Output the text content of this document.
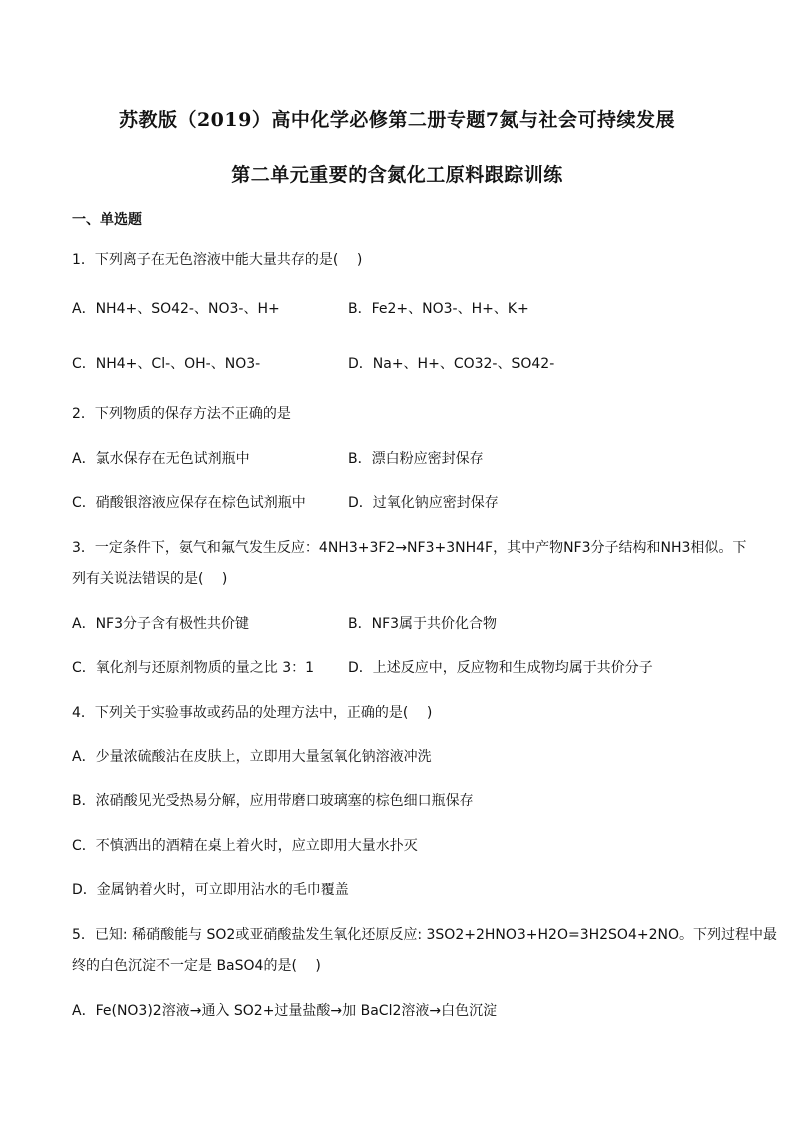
苏教版（2019）高中化学必修第二册专题7氮与社会可持续发展
第二单元重要的含氮化工原料跟踪训练
一、单选题
1．下列离子在无色溶液中能大量共存的是(　 )
A．NH4+、SO42-、NO3-、H+	B．Fe2+、NO3-、H+、K+
C．NH4+、Cl-、OH-、NO3-	D．Na+、H+、CO32-、SO42-
2．下列物质的保存方法不正确的是
A．氯水保存在无色试剂瓶中	B．漂白粉应密封保存
C．硝酸银溶液应保存在棕色试剂瓶中	D．过氧化钠应密封保存
3．一定条件下，氨气和氟气发生反应：4NH3+3F2→NF3+3NH4F，其中产物NF3分子结构和NH3相似。下
列有关说法错误的是(　 )
A．NF3分子含有极性共价键	B．NF3属于共价化合物
C．氧化剂与还原剂物质的量之比 3：1 D．上述反应中，反应物和生成物均属于共价分子
4．下列关于实验事故或药品的处理方法中，正确的是(　 )
A．少量浓硫酸沾在皮肤上，立即用大量氢氧化钠溶液冲洗
B．浓硝酸见光受热易分解，应用带磨口玻璃塞的棕色细口瓶保存
C．不慎洒出的酒精在桌上着火时，应立即用大量水扑灭
D．金属钠着火时，可立即用沾水的毛巾覆盖
5．已知: 稀硝酸能与 SO2或亚硝酸盐发生氧化还原反应: 3SO2+2HNO3+H2O=3H2SO4+2NO。下列过程中最
终的白色沉淀不一定是 BaSO4的是(　 )
A．Fe(NO3)2溶液→通入 SO2+过量盐酸→加 BaCl2溶液→白色沉淀
